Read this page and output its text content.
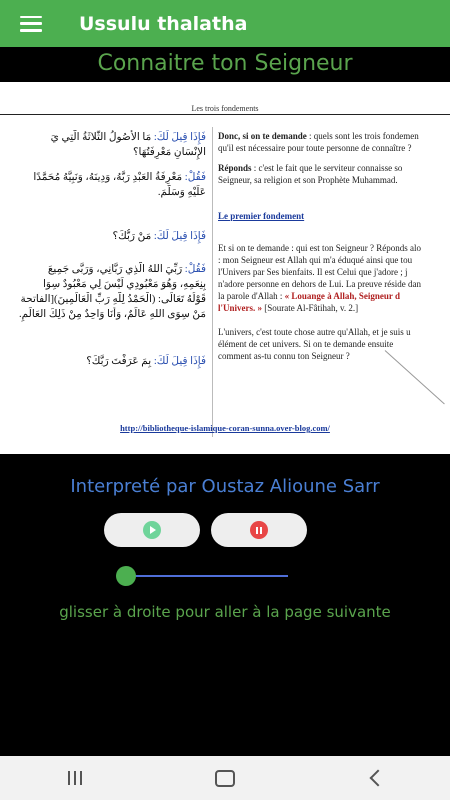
Ussulu thalatha
Connaitre ton Seigneur
Les trois fondements
فَإِذَا قِيلَ لَكَ: مَا الأُصُولُ الثَّلاثَةُ الَّتِي يَ
الإِنْسَانِ مَعْرِفَتُهَا؟
فَقُلْ: مَعْرِفَةُ العَبْدِ رَبَّهُ، وَدِينَهُ، وَنَبِيَّهُ مُحَمَّدًا
عَلَيْهِ وَسَلَّمَ.
فَإِذَا قِيلَ لَكَ: مَنْ رَبُّكَ؟
فَقُلْ: رَبِّيَ اللهُ الَّذِي رَبَّانِي، وَرَبَّى جَمِيعَ
بِنِعَمِهِ، وَهُوَ مَعْبُودِي لَيْسَ لِي مَعْبُودٌ سِوَا
قَوْلُهُ تَعَالَى: (الْحَمْدُ لِلَّهِ رَبِّ الْعَالَمِينَ)[الفاتحة
مَنْ سِوَى اللهِ عَالَمٌ، وَأَنَا وَاحِدٌ مِنْ ذَلِكَ العَالَمِ.
فَإِذَا قِيلَ لَكَ: بِمَ عَرَفْتَ رَبَّكَ؟
Donc, si on te demande : quels sont les trois fondemen
qu'il est nécessaire pour toute personne de connaître ?
Réponds : c'est le fait que le serviteur connaisse so
Seigneur, sa religion et son Prophète Muhammad.
Le premier fondement
Et si on te demande : qui est ton Seigneur ? Réponds alo
: mon Seigneur est Allah qui m'a éduqué ainsi que tou
l'Univers par Ses bienfaits. Il est Celui que j'adore ; j
n'adore personne en dehors de Lui. La preuve réside dan
la parole d'Allah : « Louange à Allah, Seigneur d
l'Univers. » [Sourate Al-Fâtihah, v. 2.]
L'univers, c'est toute chose autre qu'Allah, et je suis u
élément de cet univers. Si on te demande ensuite
comment as-tu connu ton Seigneur ?
http://bibliotheque-islamique-coran-sunna.over-blog.com/
Interpreté par Oustaz Alioune Sarr
glisser à droite pour aller à la page suivante
